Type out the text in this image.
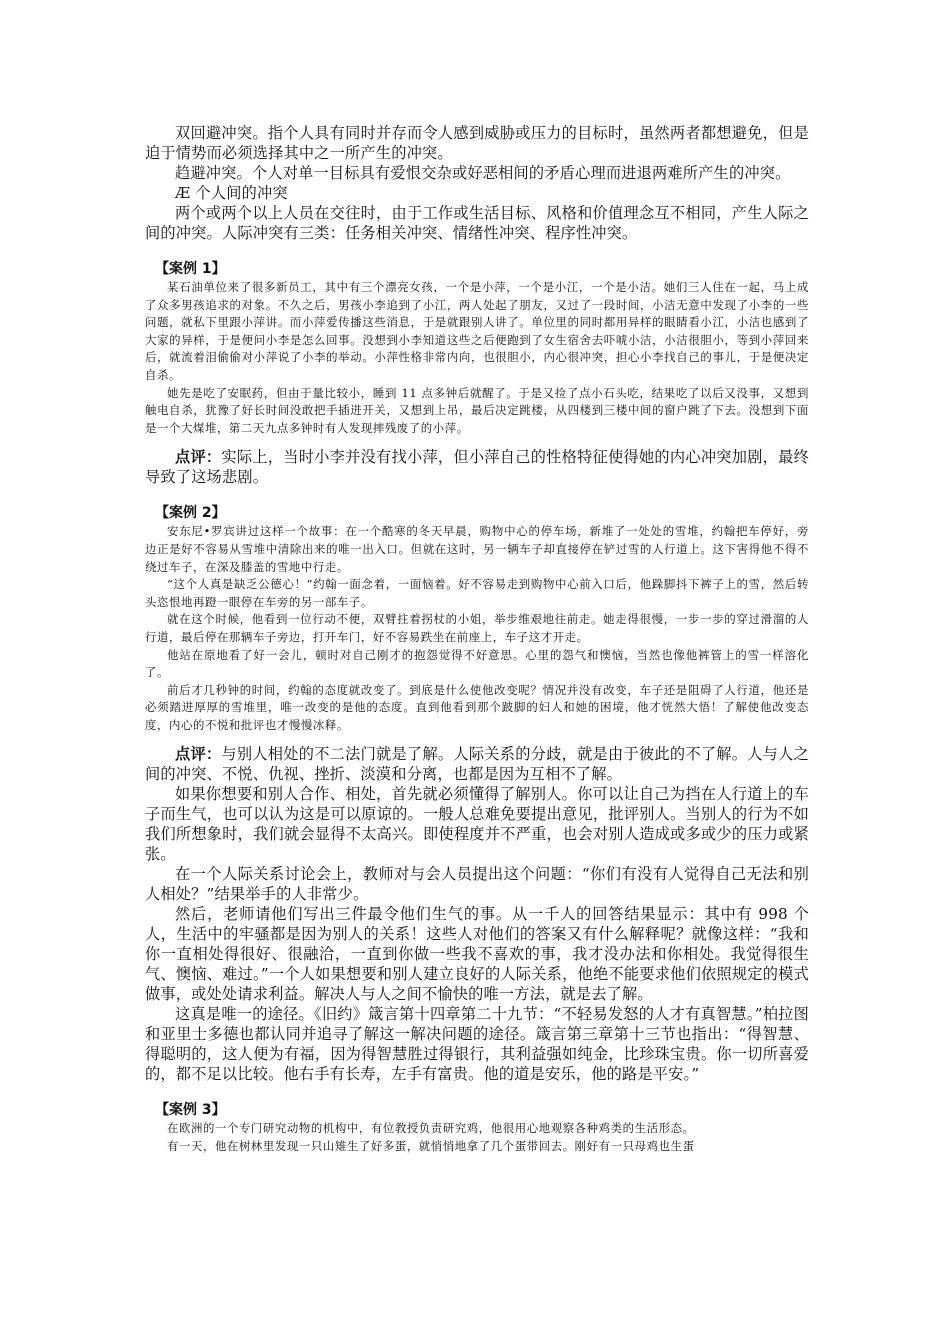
双回避冲突。指个人具有同时并存而令人感到威胁或压力的目标时，虽然两者都想避免，但是迫于情势而必须选择其中之一所产生的冲突。

趋避冲突。个人对单一目标具有爱恨交杂或好恶相间的矛盾心理而进退两难所产生的冲突。

Æ 个人间的冲突

两个或两个以上人员在交往时，由于工作或生活目标、风格和价值理念互不相同，产生人际之间的冲突。人际冲突有三类：任务相关冲突、情绪性冲突、程序性冲突。

【案例 1】

某石油单位来了很多新员工，其中有三个漂亮女孩，一个是小萍，一个是小江，一个是小洁。她们三人住在一起，马上成了众多男孩追求的对象。不久之后，男孩小李追到了小江，两人处起了朋友，又过了一段时间，小洁无意中发现了小李的一些问题，就私下里跟小萍讲。而小萍爱传播这些消息，于是就跟别人讲了。单位里的同时都用异样的眼睛看小江，小洁也感到了大家的异样，于是便问小李是怎么回事。没想到小李知道这些之后便跑到了女生宿舍去吓唬小洁，小洁很胆小，等到小萍回来后，就流着泪偷偷对小萍说了小李的举动。小萍性格非常内向，也很胆小，内心很冲突，担心小李找自己的事儿，于是便决定自杀。

她先是吃了安眠药，但由于量比较小，睡到 11 点多钟后就醒了。于是又捡了点小石头吃，结果吃了以后又没事，又想到触电自杀，犹豫了好长时间没敢把手插进开关，又想到上吊，最后决定跳楼，从四楼到三楼中间的窗户跳了下去。没想到下面是一个大煤堆，第二天九点多钟时有人发现摔残废了的小萍。

点评：实际上，当时小李并没有找小萍，但小萍自己的性格特征使得她的内心冲突加剧，最终导致了这场悲剧。

【案例 2】

安东尼•罗宾讲过这样一个故事：在一个酷寒的冬天早晨，购物中心的停车场，新堆了一处处的雪堆，约翰把车停好，旁边正是好不容易从雪堆中清除出来的唯一出入口。但就在这时，另一辆车子却直接停在铲过雪的人行道上。这下害得他不得不绕过车子，在深及膝盖的雪地中行走。

“这个人真是缺乏公德心！”约翰一面念着，一面恼着。好不容易走到购物中心前入口后，他跺脚抖下裤子上的雪，然后转头恣恨地再蹬一眼停在车旁的另一部车子。

就在这个时候，他看到一位行动不便，双臂拄着拐杖的小姐，举步维艰地往前走。她走得很慢，一步一步的穿过滑溜的人行道，最后停在那辆车子旁边，打开车门，好不容易跌坐在前座上，车子这才开走。

他站在原地看了好一会儿，顿时对自己刚才的抱怨觉得不好意思。心里的怨气和懊恼，当然也像他裤管上的雪一样溶化了。

前后才几秒钟的时间，约翰的态度就改变了。到底是什么使他改变呢？情况并没有改变，车子还是阻碍了人行道，他还是必须踏进厚厚的雪堆里，唯一改变的是他的态度。直到他看到那个跛脚的妇人和她的困境，他才恍然大悟！了解使他改变态度，内心的不悦和批评也才慢慢冰释。

点评：与别人相处的不二法门就是了解。人际关系的分歧，就是由于彼此的不了解。人与人之间的冲突、不悦、仇视、挫折、淡漠和分离，也都是因为互相不了解。

如果你想要和别人合作、相处，首先就必须懂得了解别人。你可以让自己为挡在人行道上的车子而生气，也可以认为这是可以原谅的。一般人总难免要提出意见，批评别人。当别人的行为不如我们所想象时，我们就会显得不太高兴。即使程度并不严重，也会对别人造成或多或少的压力或紧张。

在一个人际关系讨论会上，教师对与会人员提出这个问题：“你们有没有人觉得自己无法和别人相处？”结果举手的人非常少。

然后，老师请他们写出三件最令他们生气的事。从一千人的回答结果显示：其中有 998 个人，生活中的牢骚都是因为别人的关系！这些人对他们的答案又有什么解释呢？就像这样：“我和你一直相处得很好、很融洽，一直到你做一些我不喜欢的事，我才没办法和你相处。我觉得很生气、懊恼、难过。”一个人如果想要和别人建立良好的人际关系，他绝不能要求他们依照规定的模式做事，或处处请求利益。解决人与人之间不愉快的唯一方法，就是去了解。

这真是唯一的途径。《旧约》箴言第十四章第二十九节：“不轻易发怒的人才有真智慧。”柏拉图和亚里士多德也都认同并追寻了解这一解决问题的途径。箴言第三章第十三节也指出：“得智慧、得聪明的，这人便为有福，因为得智慧胜过得银行，其利益强如纯金，比珍珠宝贵。你一切所喜爱的，都不足以比较。他右手有长寿，左手有富贵。他的道是安乐，他的路是平安。”

【案例 3】

在欧洲的一个专门研究动物的机构中，有位教授负责研究鸡，他很用心地观察各种鸡类的生活形态。

有一天，他在树林里发现一只山雉生了好多蛋，就悄悄地拿了几个蛋带回去。刚好有一只母鸡也生蛋
